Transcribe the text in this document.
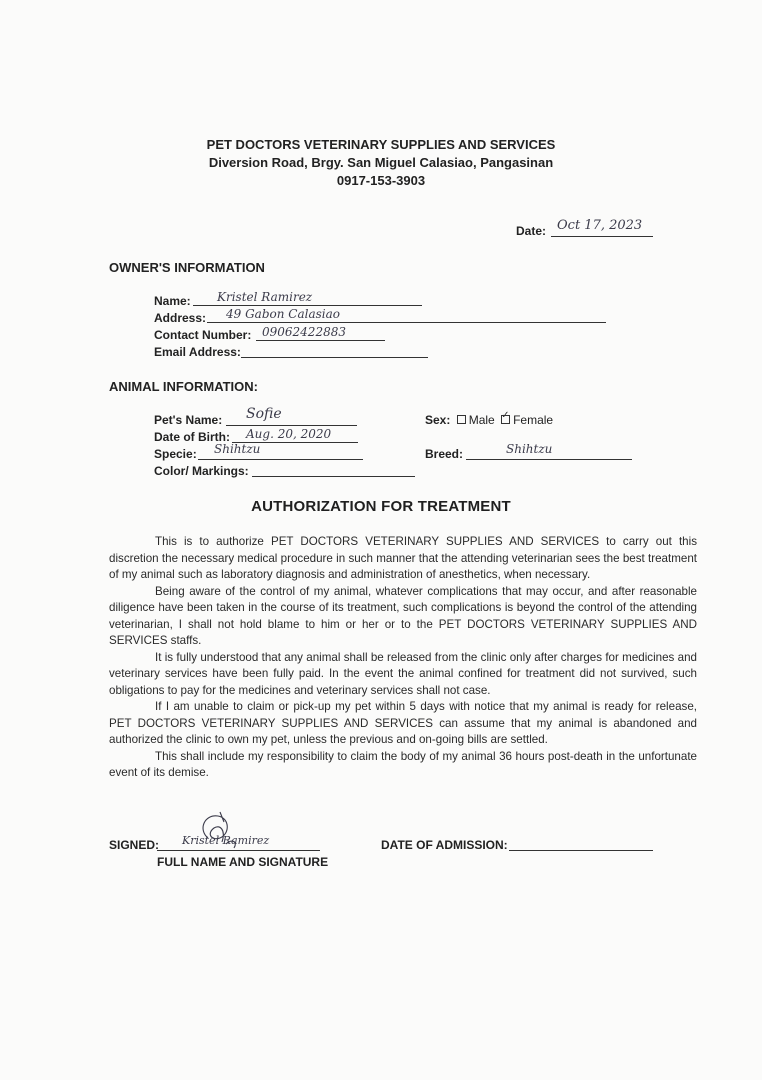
PET DOCTORS VETERINARY SUPPLIES AND SERVICES
Diversion Road, Brgy. San Miguel Calasiao, Pangasinan
0917-153-3903
Date: Oct 17, 2023
OWNER'S INFORMATION
Name: Kristel Ramirez
Address: 49 Gabon Calasiao
Contact Number: 09062422883
Email Address:
ANIMAL INFORMATION:
Pet's Name: Sofie
Date of Birth: Aug. 20, 2020
Specie: Shihtzu
Color/ Markings:
Sex: Male ✓ Female
Breed:	Shihtzu
AUTHORIZATION FOR TREATMENT

This is to authorize PET DOCTORS VETERINARY SUPPLIES AND SERVICES to carry out this discretion the necessary medical procedure in such manner that the attending veterinarian sees the best treatment of my animal such as laboratory diagnosis and administration of anesthetics, when necessary.

Being aware of the control of my animal, whatever complications that may occur, and after reasonable diligence have been taken in the course of its treatment, such complications is beyond the control of the attending veterinarian, I shall not hold blame to him or her or to the PET DOCTORS VETERINARY SUPPLIES AND SERVICES staffs.

It is fully understood that any animal shall be released from the clinic only after charges for medicines and veterinary services have been fully paid. In the event the animal confined for treatment did not survived, such obligations to pay for the medicines and veterinary services shall not case.

If I am unable to claim or pick-up my pet within 5 days with notice that my animal is ready for release, PET DOCTORS VETERINARY SUPPLIES AND SERVICES can assume that my animal is abandoned and authorized the clinic to own my pet, unless the previous and on-going bills are settled.

This shall include my responsibility to claim the body of my animal 36 hours post-death in the unfortunate event of its demise.

SIGNED: Kristel Ramirez
FULL NAME AND SIGNATURE
DATE OF ADMISSION:
